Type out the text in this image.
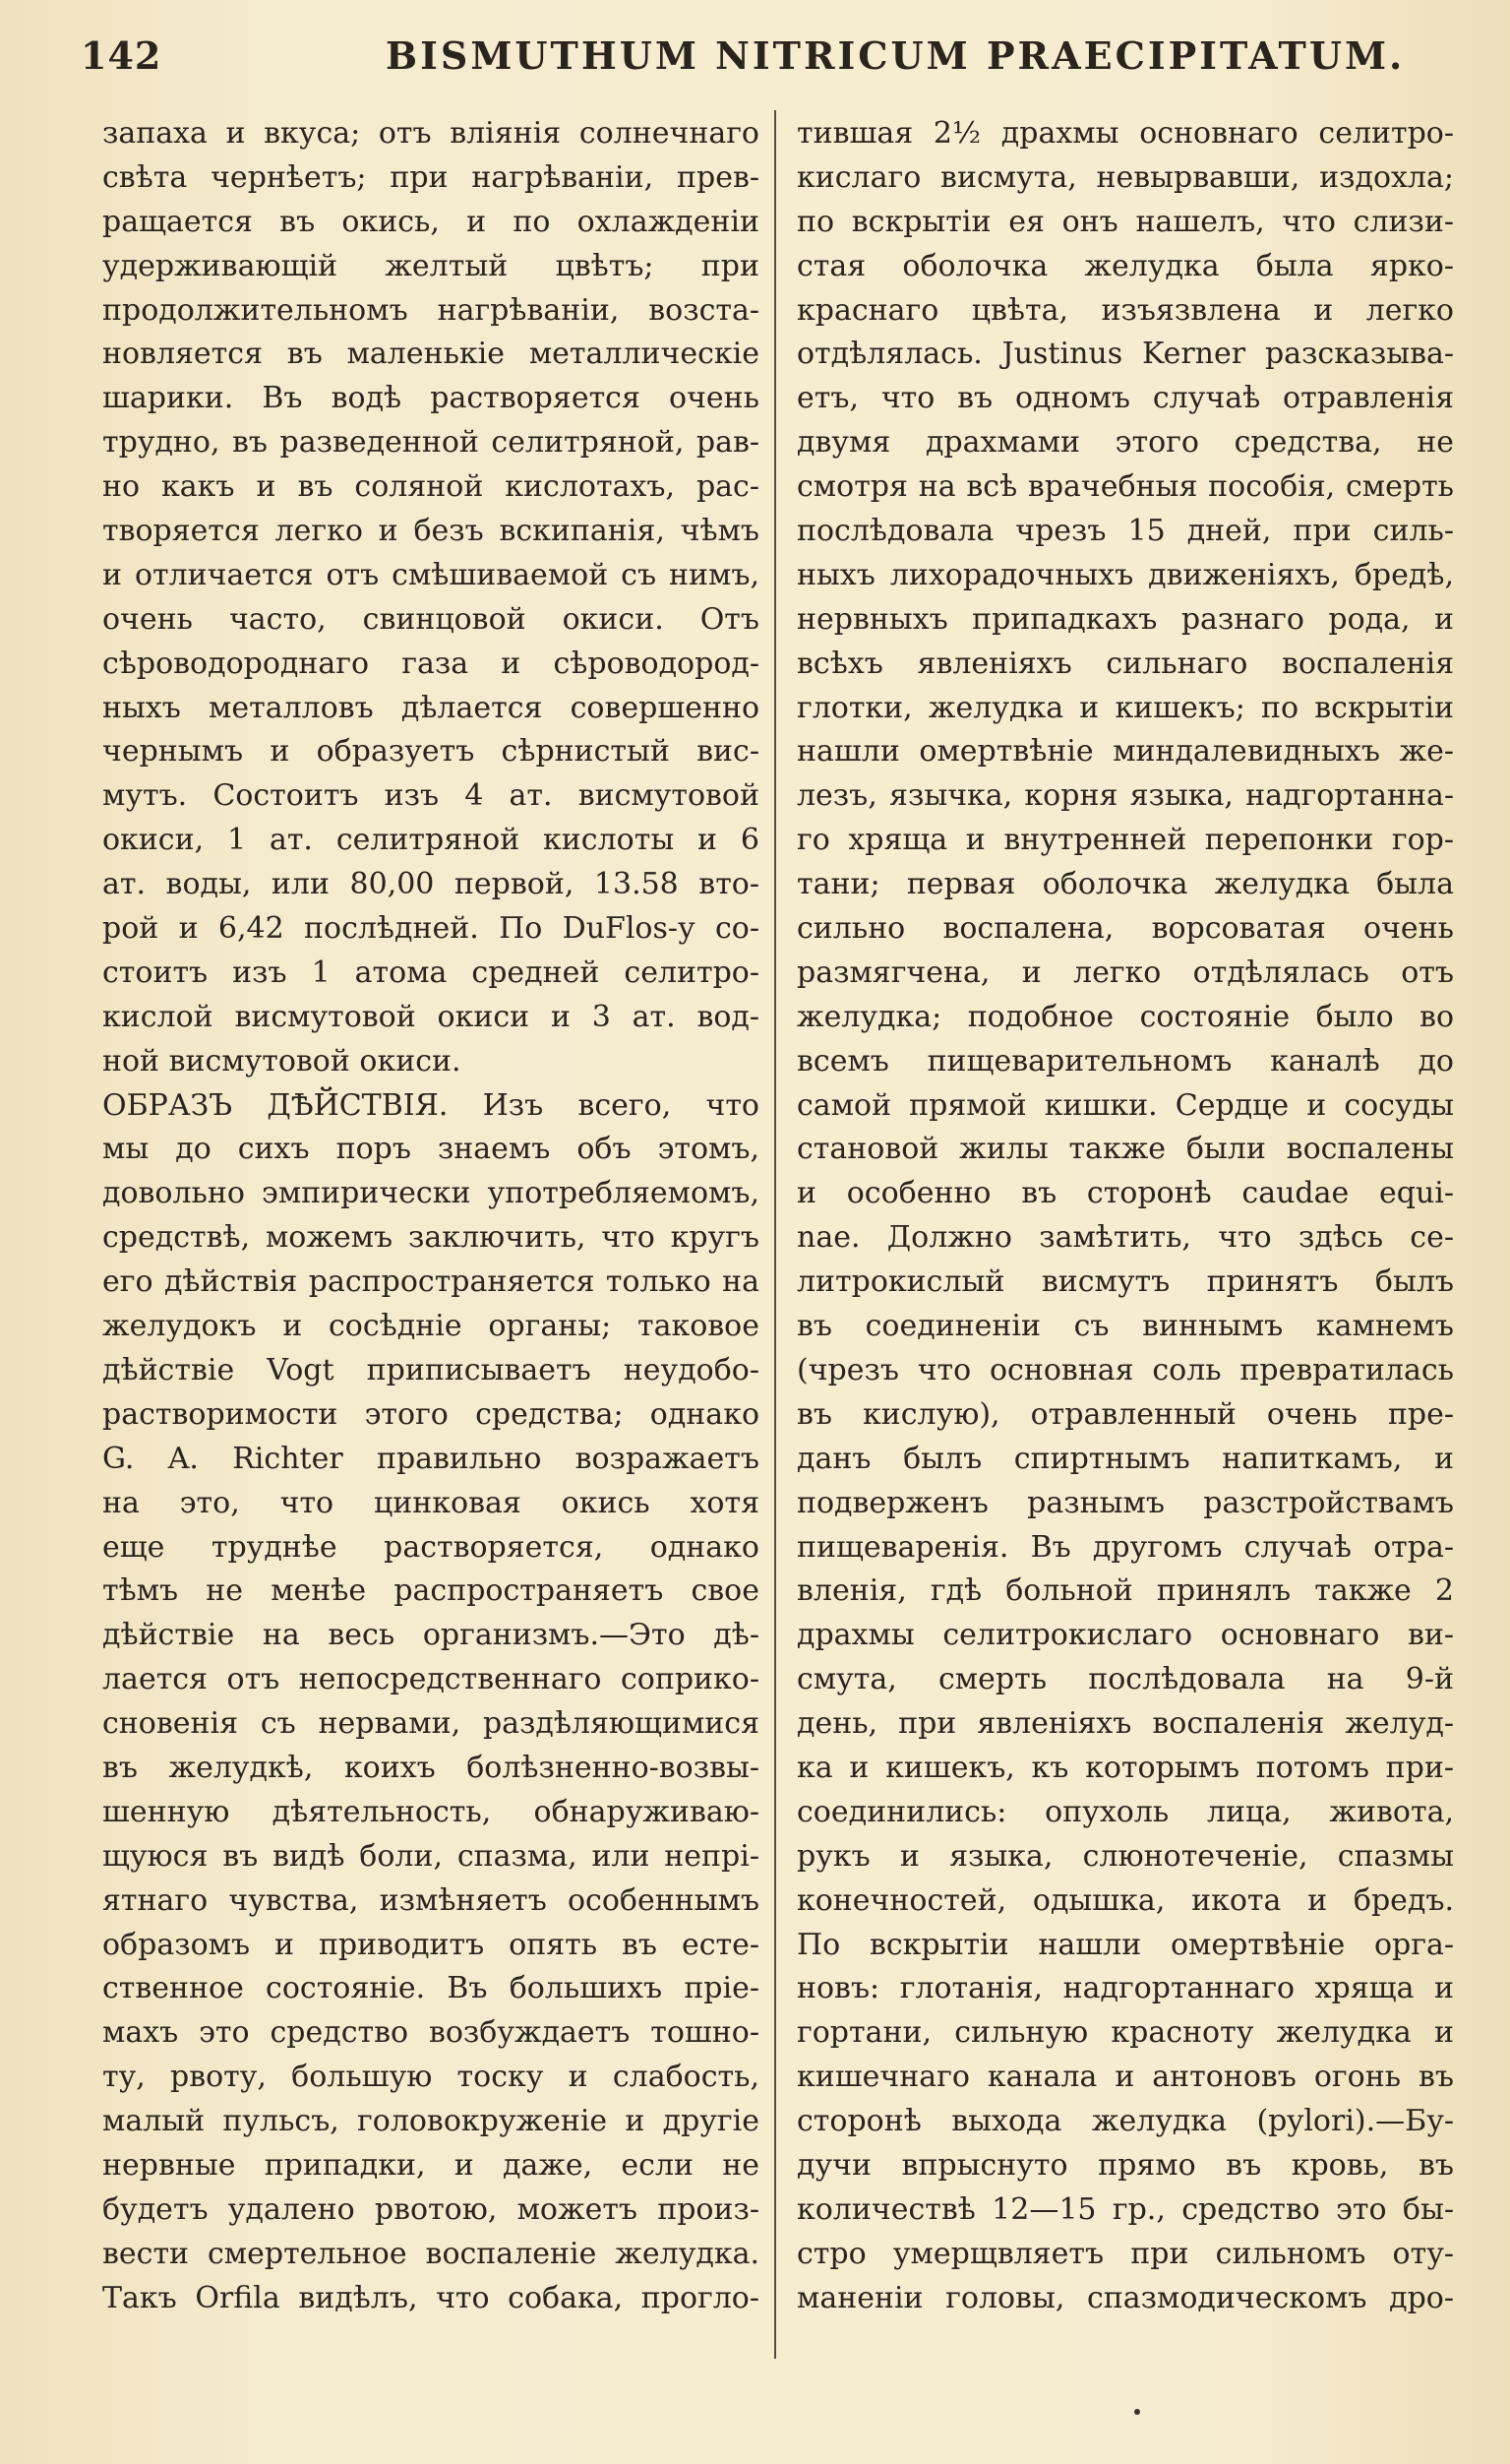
142	BISMUTHUM NITRICUM PRAECIPITATUM.
запаха и вкуса; отъ вліянія солнечнаго
свѣта чернѣетъ; при нагрѣваніи, прев-
ращается въ окись, и по охлажденіи
удерживающій желтый цвѣтъ; при
продолжительномъ нагрѣваніи, возста-
новляется въ маленькіе металлическіе
шарики. Въ водѣ растворяется очень
трудно, въ разведенной селитряной, рав-
но какъ и въ соляной кислотахъ, рас-
творяется легко и безъ вскипанія, чѣмъ
и отличается отъ смѣшиваемой съ нимъ,
очень часто, свинцовой окиси. Отъ
сѣроводороднаго газа и сѣроводород-
ныхъ металловъ дѣлается совершенно
чернымъ и образуетъ сѣрнистый вис-
мутъ. Состоитъ изъ 4 ат. висмутовой
окиси, 1 ат. селитряной кислоты и 6
ат. воды, или 80,00 первой, 13.58 вто-
рой и 6,42 послѣдней. По DuFlos-у со-
стоитъ изъ 1 атома средней селитро-
кислой висмутовой окиси и 3 ат. вод-
ной висмутовой окиси.
ОБРАЗЪ ДѢЙСТВІЯ. Изъ всего, что
мы до сихъ поръ знаемъ объ этомъ,
довольно эмпирически употребляемомъ,
средствѣ, можемъ заключить, что кругъ
его дѣйствія распространяется только на
желудокъ и сосѣдніе органы; таковое
дѣйствіе Vogt приписываетъ неудобо-
растворимости этого средства; однако
G. A. Richter правильно возражаетъ
на это, что цинковая окись хотя
еще труднѣе растворяется, однако
тѣмъ не менѣе распространяетъ свое
дѣйствіе на весь организмъ.—Это дѣ-
лается отъ непосредственнаго соприко-
сновенія съ нервами, раздѣляющимися
въ желудкѣ, коихъ болѣзненно-возвы-
шенную дѣятельность, обнаруживаю-
щуюся въ видѣ боли, спазма, или непрі-
ятнаго чувства, измѣняетъ особеннымъ
образомъ и приводитъ опять въ есте-
ственное состояніе. Въ большихъ пріе-
махъ это средство возбуждаетъ тошно-
ту, рвоту, большую тоску и слабость,
малый пульсъ, головокруженіе и другіе
нервные припадки, и даже, если не
будетъ удалено рвотою, можетъ произ-
вести смертельное воспаленіе желудка.
Такъ Orfila видѣлъ, что собака, прогло-
тившая 2½ драхмы основнаго селитро-
кислаго висмута, невырвавши, издохла;
по вскрытіи ея онъ нашелъ, что слизи-
стая оболочка желудка была ярко-
краснаго цвѣта, изъязвлена и легко
отдѣлялась. Justinus Kerner разсказыва-
етъ, что въ одномъ случаѣ отравленія
двумя драхмами этого средства, не
смотря на всѣ врачебныя пособія, смерть
послѣдовала чрезъ 15 дней, при силь-
ныхъ лихорадочныхъ движеніяхъ, бредѣ,
нервныхъ припадкахъ разнаго рода, и
всѣхъ явленіяхъ сильнаго воспаленія
глотки, желудка и кишекъ; по вскрытіи
нашли омертвѣніе миндалевидныхъ же-
лезъ, язычка, корня языка, надгортанна-
го хряща и внутренней перепонки гор-
тани; первая оболочка желудка была
сильно воспалена, ворсоватая очень
размягчена, и легко отдѣлялась отъ
желудка; подобное состояніе было во
всемъ пищеварительномъ каналѣ до
самой прямой кишки. Сердце и сосуды
становой жилы также были воспалены
и особенно въ сторонѣ caudae equi-
nae. Должно замѣтить, что здѣсь се-
литрокислый висмутъ принятъ былъ
въ соединеніи съ виннымъ камнемъ
(чрезъ что основная соль превратилась
въ кислую), отравленный очень пре-
данъ былъ спиртнымъ напиткамъ, и
подверженъ разнымъ разстройствамъ
пищеваренія. Въ другомъ случаѣ отра-
вленія, гдѣ больной принялъ также 2
драхмы селитрокислаго основнаго ви-
смута, смерть послѣдовала на 9-й
день, при явленіяхъ воспаленія желуд-
ка и кишекъ, къ которымъ потомъ при-
соединились: опухоль лица, живота,
рукъ и языка, слюнотеченіе, спазмы
конечностей, одышка, икота и бредъ.
По вскрытіи нашли омертвѣніе орга-
новъ: глотанія, надгортаннаго хряща и
гортани, сильную красноту желудка и
кишечнаго канала и антоновъ огонь въ
сторонѣ выхода желудка (pylori).—Бу-
дучи впрыснуто прямо въ кровь, въ
количествѣ 12—15 гр., средство это бы-
стро умерщвляетъ при сильномъ оту-
маненіи головы, спазмодическомъ дро-
